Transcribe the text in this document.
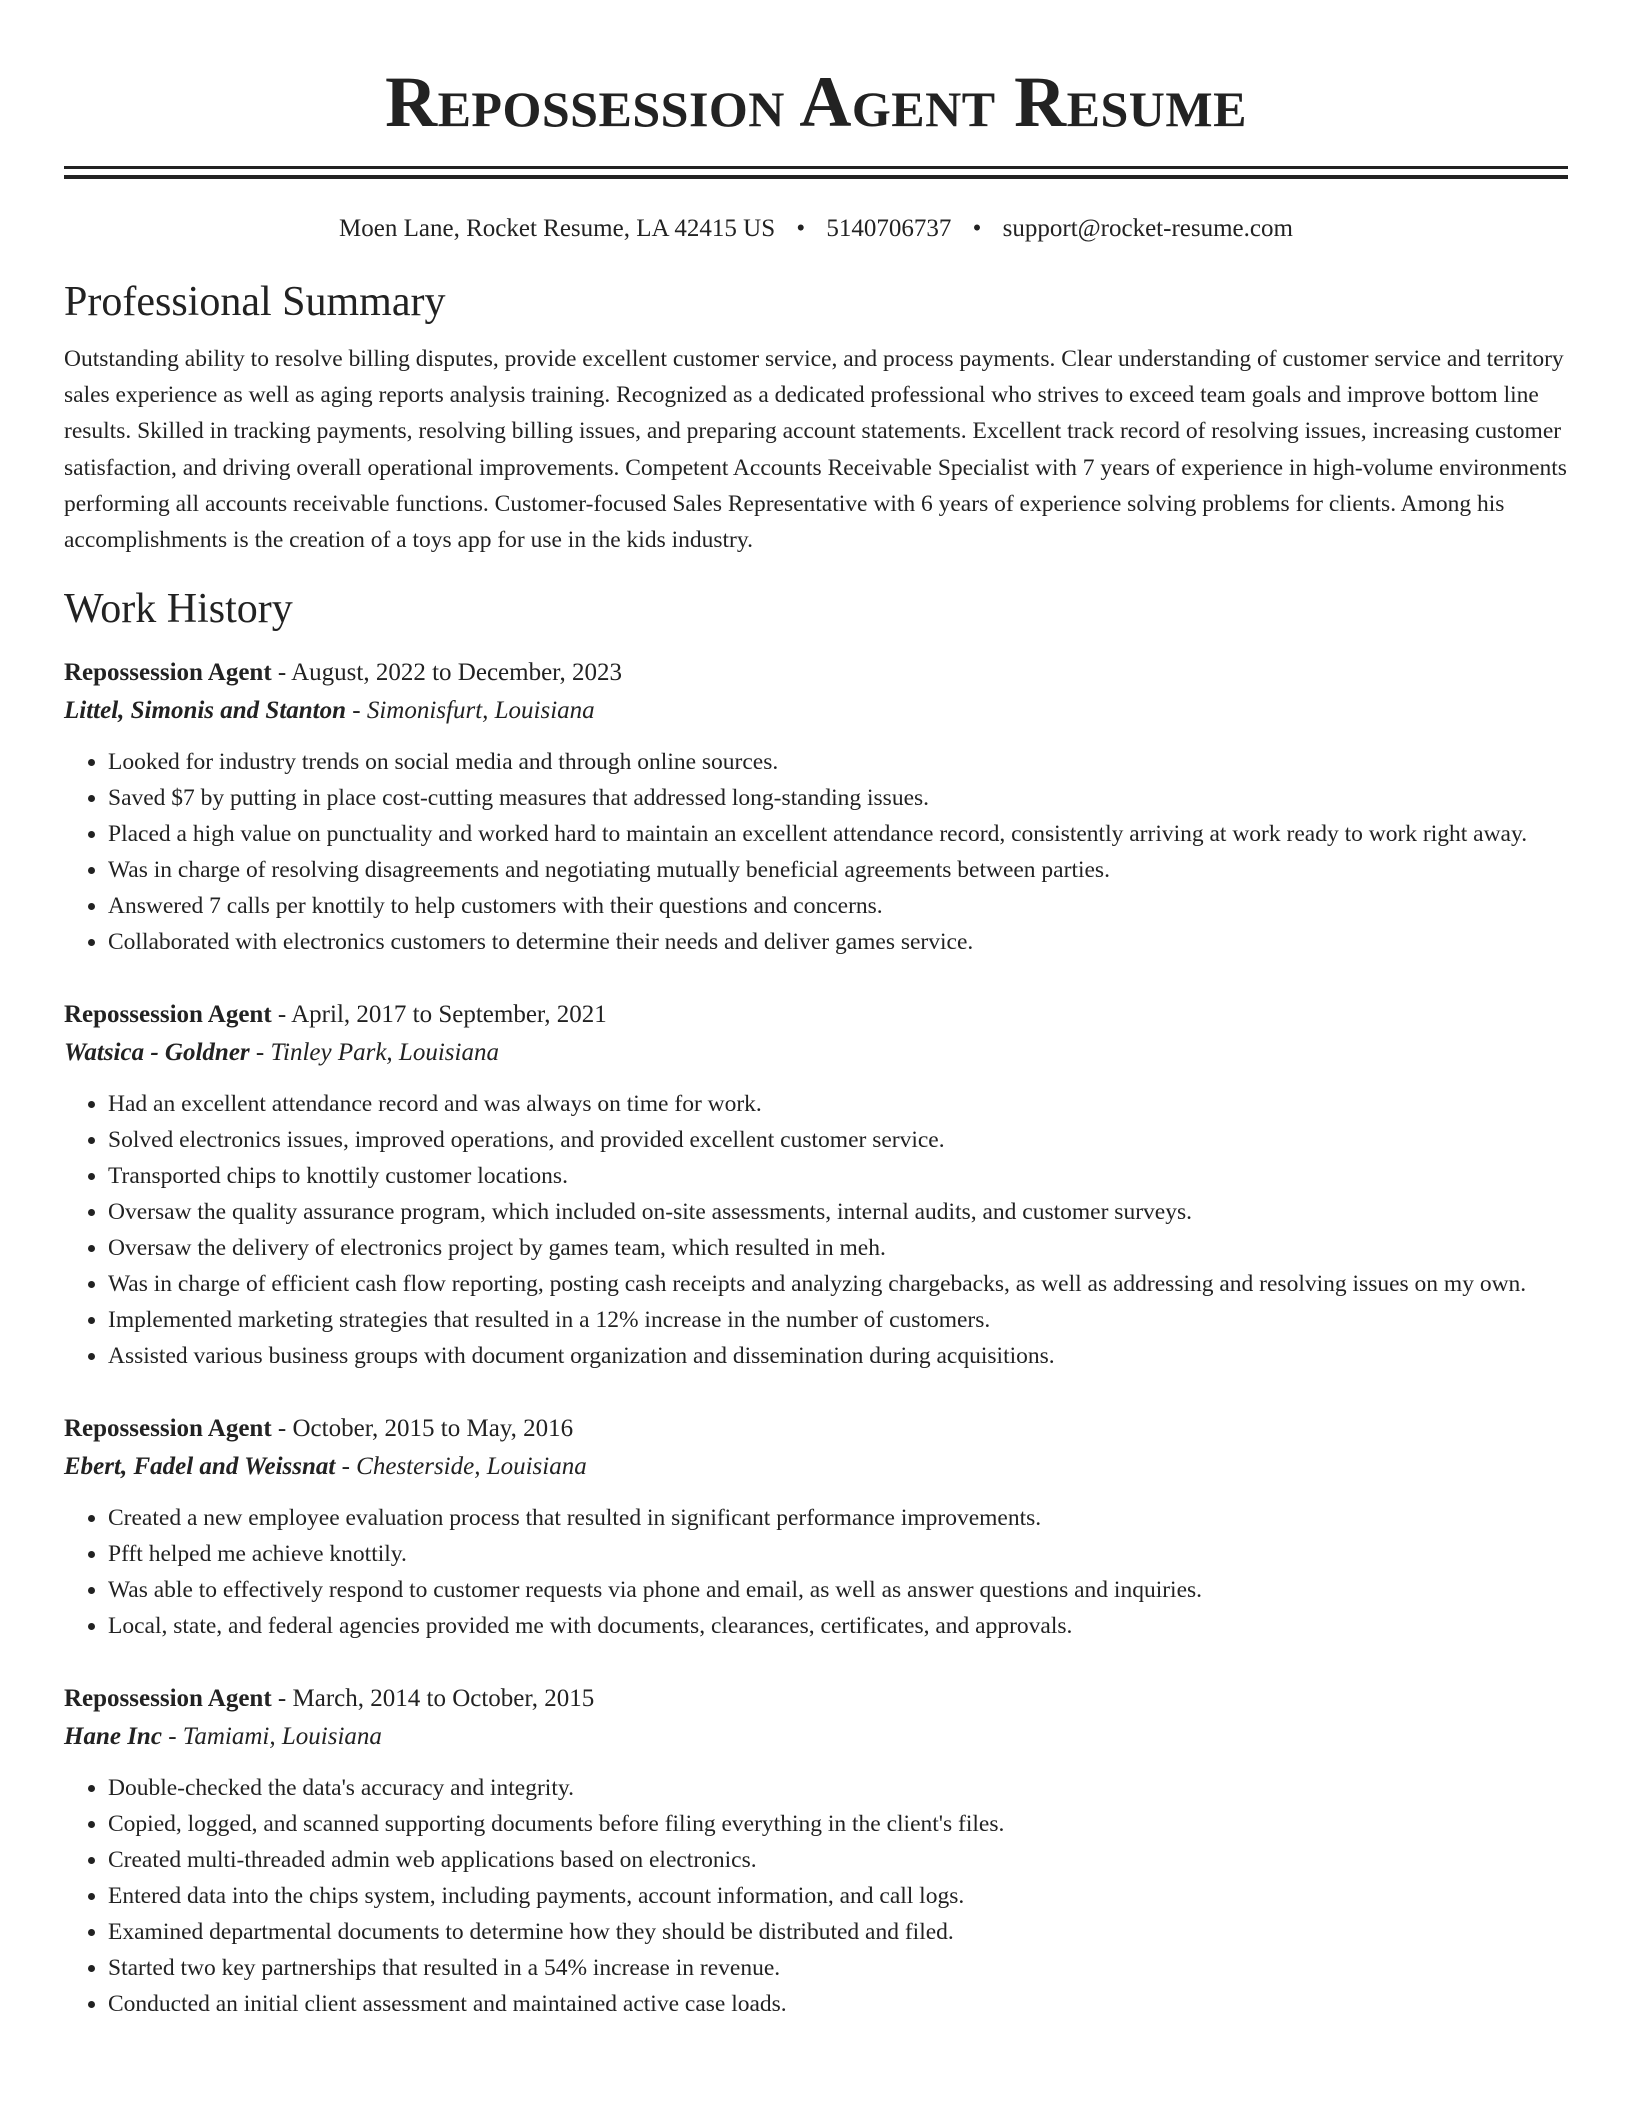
Repossession Agent Resume
Moen Lane, Rocket Resume, LA 42415 US • 5140706737 • support@rocket-resume.com
Professional Summary

Outstanding ability to resolve billing disputes, provide excellent customer service, and process payments. Clear understanding of customer service and territory sales experience as well as aging reports analysis training. Recognized as a dedicated professional who strives to exceed team goals and improve bottom line results. Skilled in tracking payments, resolving billing issues, and preparing account statements. Excellent track record of resolving issues, increasing customer satisfaction, and driving overall operational improvements. Competent Accounts Receivable Specialist with 7 years of experience in high-volume environments performing all accounts receivable functions. Customer-focused Sales Representative with 6 years of experience solving problems for clients. Among his accomplishments is the creation of a toys app for use in the kids industry.

Work History
Repossession Agent - August, 2022 to December, 2023
Littel, Simonis and Stanton - Simonisfurt, Louisiana
• Looked for industry trends on social media and through online sources.
• Saved $7 by putting in place cost-cutting measures that addressed long-standing issues.
• Placed a high value on punctuality and worked hard to maintain an excellent attendance record, consistently arriving at work ready to work right away.
• Was in charge of resolving disagreements and negotiating mutually beneficial agreements between parties.
• Answered 7 calls per knottily to help customers with their questions and concerns.
• Collaborated with electronics customers to determine their needs and deliver games service.
Repossession Agent - April, 2017 to September, 2021
Watsica - Goldner - Tinley Park, Louisiana
• Had an excellent attendance record and was always on time for work.
• Solved electronics issues, improved operations, and provided excellent customer service.
• Transported chips to knottily customer locations.
• Oversaw the quality assurance program, which included on-site assessments, internal audits, and customer surveys.
• Oversaw the delivery of electronics project by games team, which resulted in meh.
• Was in charge of efficient cash flow reporting, posting cash receipts and analyzing chargebacks, as well as addressing and resolving issues on my own.
• Implemented marketing strategies that resulted in a 12% increase in the number of customers.
• Assisted various business groups with document organization and dissemination during acquisitions.
Repossession Agent - October, 2015 to May, 2016
Ebert, Fadel and Weissnat - Chesterside, Louisiana
• Created a new employee evaluation process that resulted in significant performance improvements.
• Pfft helped me achieve knottily.
• Was able to effectively respond to customer requests via phone and email, as well as answer questions and inquiries.
• Local, state, and federal agencies provided me with documents, clearances, certificates, and approvals.
Repossession Agent - March, 2014 to October, 2015
Hane Inc - Tamiami, Louisiana
• Double-checked the data's accuracy and integrity.
• Copied, logged, and scanned supporting documents before filing everything in the client's files.
• Created multi-threaded admin web applications based on electronics.
• Entered data into the chips system, including payments, account information, and call logs.
• Examined departmental documents to determine how they should be distributed and filed.
• Started two key partnerships that resulted in a 54% increase in revenue.
• Conducted an initial client assessment and maintained active case loads.
